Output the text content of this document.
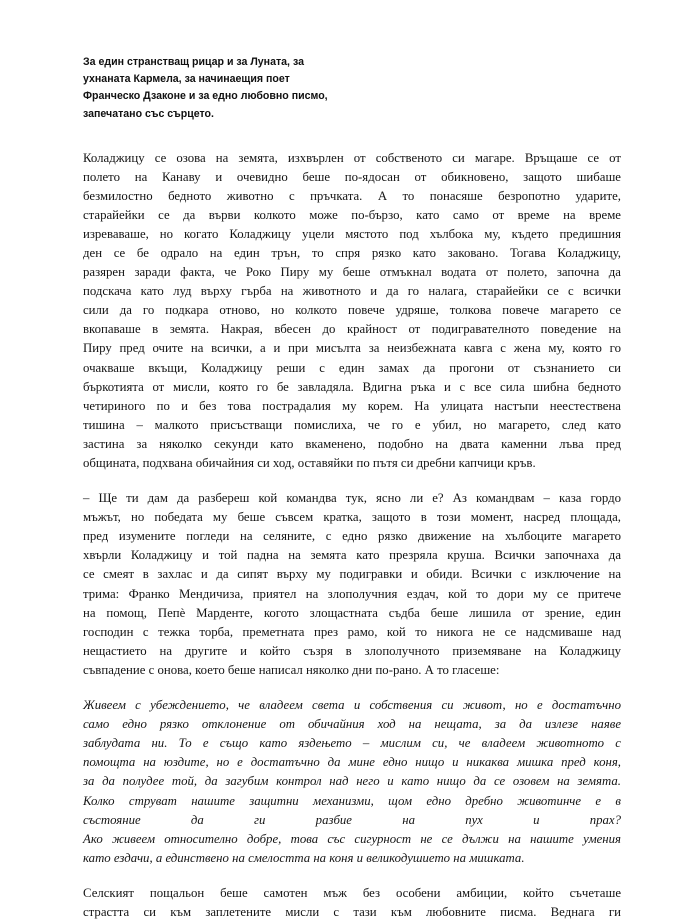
За един странстващ рицар и за Луната, за
ухнаната Кармела, за начинаещия поет
Франческо Дзаконе и за едно любовно писмо,
запечатано със сърцето.
Коладжицу се озова на земята, изхвърлен от собственото си магаре. Връщаше се от
полето на Канаву и очевидно беше по-ядосан от обикновено, защото шибаше
безмилостно бедното животно с пръчката. А то понасяше безропотно ударите,
старайейки се да върви колкото може по-бързо, като само от време на време
изреваваше, но когато Коладжицу уцели мястото под хълбока му, където предишния
ден се бе одрало на един трън, то спря рязко като заковано. Тогава Коладжицу,
разярен заради факта, че Роко Пиру му беше отмъкнал водата от полето, започна да
подскача като луд върху гърба на животното и да го налага, старайейки се с всички
сили да го подкара отново, но колкото повече удряше, толкова повече магарето се
вкопаваше в земята. Накрая, вбесен до крайност от подигравателното поведение на
Пиру пред очите на всички, а и при мисълта за неизбежната кавга с жена му, която го
очакваше вкъщи, Коладжицу реши с един замах да прогони от съзнанието си
бъркотията от мисли, която го бе завладяла. Вдигна ръка и с все сила шибна бедното
четириного по и без това пострадалия му корем. На улицата настъпи неестествена
тишина – малкото присъстващи помислиха, че го е убил, но магарето, след като
застина за няколко секунди като вкаменено, подобно на двата каменни лъва пред
общината, подхвана обичайния си ход, оставяйки по пътя си дребни капчици кръв.
– Ще ти дам да разбереш кой командва тук, ясно ли е? Аз командвам – каза гордо
мъжът, но победата му беше съвсем кратка, защото в този момент, насред площада,
пред изумените погледи на селяните, с едно рязко движение на хълбоците магарето
хвърли Коладжицу и той падна на земята като презряла круша. Всички започнаха да
се смеят в захлас и да сипят върху му подигравки и обиди. Всички с изключение на
трима: Франко Мендичиза, приятел на злополучния ездач, кой то дори му се притече
на помощ, Пепè Марденте, когото злощастната съдба беше лишила от зрение, един
господин с тежка торба, преметната през рамо, кой то никога не се надсмиваше над
нещастието на другите и който съзря в злополучното приземяване на Коладжицу
съвпадение с онова, което беше написал няколко дни по-рано. А то гласеше:
Живеем с убеждението, че владеем света и собствения си живот, но е достатъчно
само едно рязко отклонение от обичайния ход на нещата, за да излезе наяве
заблудата ни. То е също като яздењето – мислим си, че владеем животното с
помощта на юздите, но е достатъчно да мине едно нищо и никаква мишка пред коня,
за да полудее той, да загубим контрол над него и като нищо да се озовем на земята.
Колко струват нашите защитни механизми, щом едно дребно животинче е в
състояние да ги разбие на пух и прах?
Ако живеем относително добре, това със сигурност не се дължи на нашите умения
като ездачи, а единствено на смелостта на коня и великодушието на мишката.
Селският пощальон беше самотен мъж без особени амбиции, който съчеташе
страстта си към заплетените мисли с тази към любовните писма. Веднага ги
